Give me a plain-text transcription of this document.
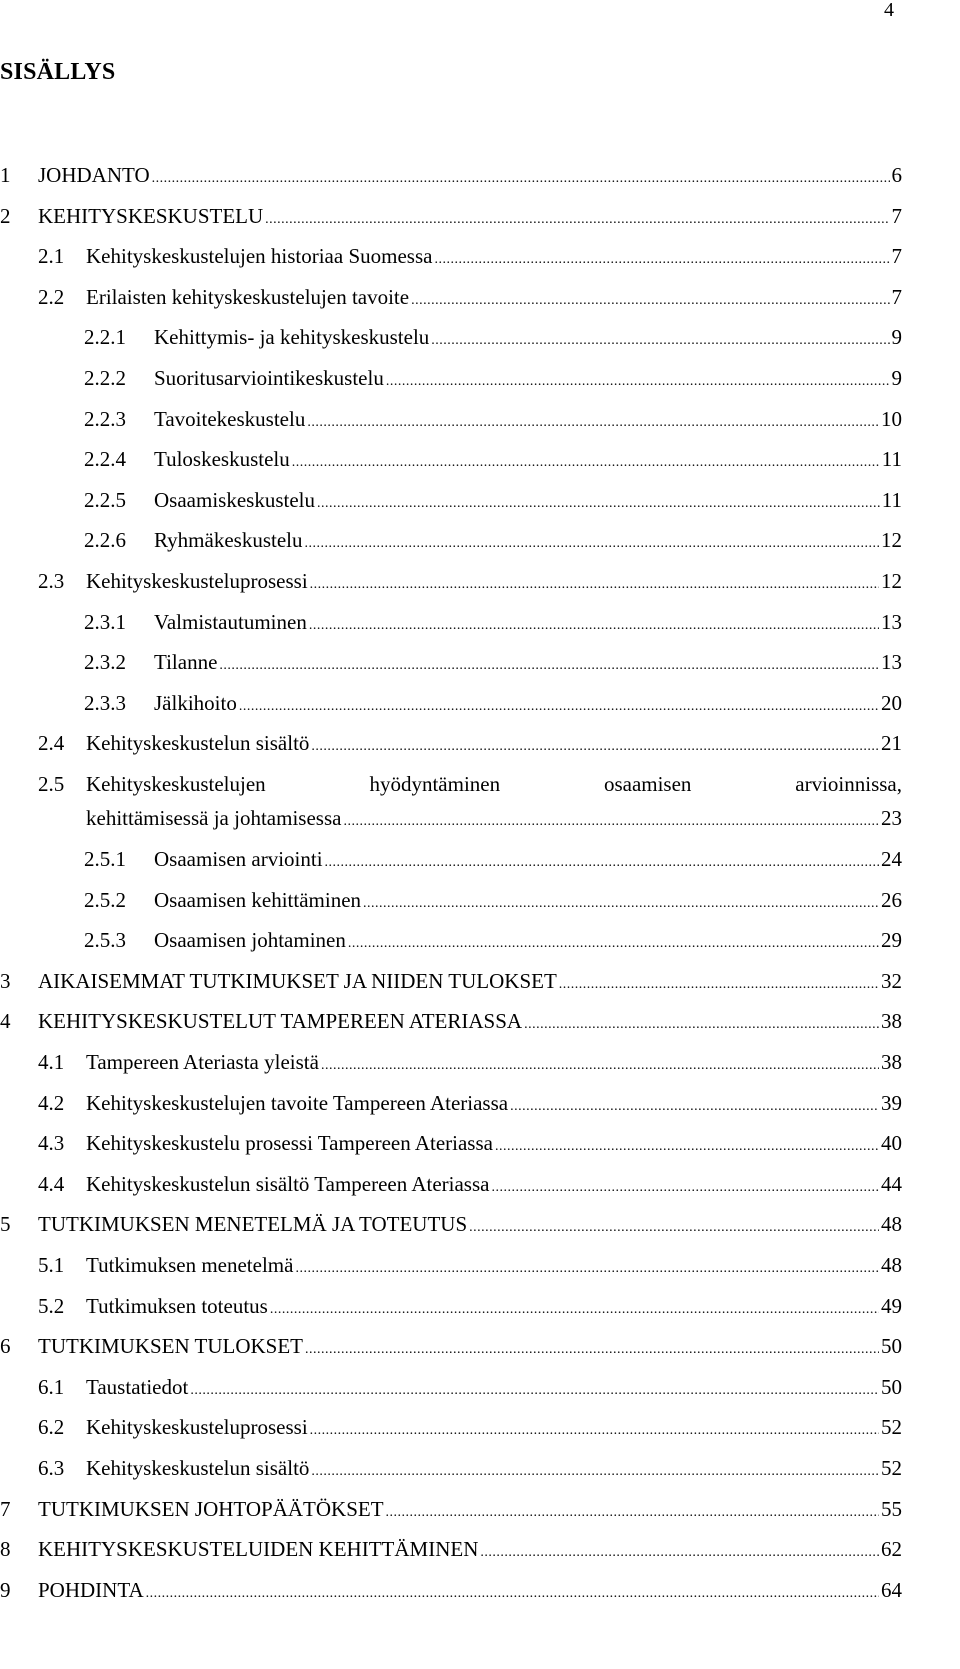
4
SISÄLLYS
1 JOHDANTO .....	6
2 KEHITYSKESKUSTELU .....	7
2.1 Kehityskeskustelujen historiaa Suomessa .....	7
2.2 Erilaisten kehityskeskustelujen tavoite .....	7
2.2.1 Kehittymis- ja kehityskeskustelu .....	9
2.2.2 Suoritusarviointikeskustelu .....	9
2.2.3 Tavoitekeskustelu .....	10
2.2.4 Tuloskeskustelu .....	11
2.2.5 Osaamiskeskustelu .....	11
2.2.6 Ryhmäkeskustelu .....	12
2.3 Kehityskeskusteluprosessi .....	12
2.3.1 Valmistautuminen .....	13
2.3.2 Tilanne .....	13
2.3.3 Jälkihoito .....	20
2.4 Kehityskeskustelun sisältö .....	21
2.5 Kehityskeskustelujen	hyödyntäminen	osaamisen	arvioinnissa,
kehittämisessä ja johtamisessa .....	23
2.5.1 Osaamisen arviointi .....	24
2.5.2 Osaamisen kehittäminen .....	26
2.5.3 Osaamisen johtaminen .....	29
3 AIKAISEMMAT TUTKIMUKSET JA NIIDEN TULOKSET .....	32
4 KEHITYSKESKUSTELUT TAMPEREEN ATERIASSA .....	38
4.1 Tampereen Ateriasta yleistä .....	38
4.2 Kehityskeskustelujen tavoite Tampereen Ateriassa .....	39
4.3 Kehityskeskustelu prosessi Tampereen Ateriassa .....	40
4.4 Kehityskeskustelun sisältö Tampereen Ateriassa .....	44
5 TUTKIMUKSEN MENETELMÄ JA TOTEUTUS .....	48
5.1 Tutkimuksen menetelmä .....	48
5.2 Tutkimuksen toteutus .....	49
6 TUTKIMUKSEN TULOKSET .....	50
6.1 Taustatiedot .....	50
6.2 Kehityskeskusteluprosessi .....	52
6.3 Kehityskeskustelun sisältö .....	52
7 TUTKIMUKSEN JOHTOPÄÄTÖKSET .....	55
8 KEHITYSKESKUSTELUIDEN KEHITTÄMINEN .....	62
9 POHDINTA .....	64
